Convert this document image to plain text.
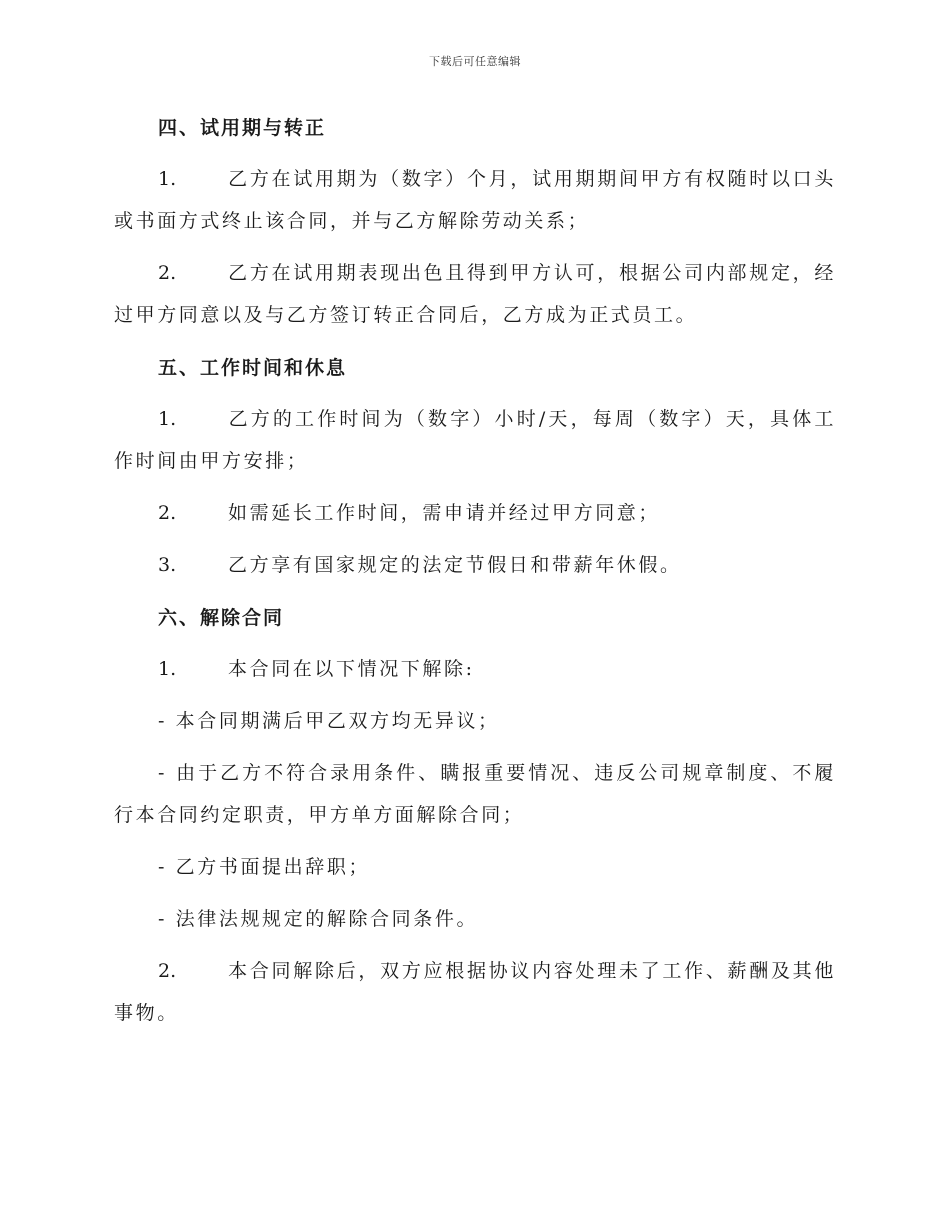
下载后可任意编辑
四、试用期与转正
1.	乙方在试用期为（数字）个月，试用期期间甲方有权随时以口头或书面方式终止该合同，并与乙方解除劳动关系；
2.	乙方在试用期表现出色且得到甲方认可，根据公司内部规定，经过甲方同意以及与乙方签订转正合同后，乙方成为正式员工。
五、工作时间和休息
1.	乙方的工作时间为（数字）小时/天，每周（数字）天，具体工作时间由甲方安排；
2.	如需延长工作时间，需申请并经过甲方同意；
3.	乙方享有国家规定的法定节假日和带薪年休假。
六、解除合同
1.	本合同在以下情况下解除:
- 本合同期满后甲乙双方均无异议；
- 由于乙方不符合录用条件、瞒报重要情况、违反公司规章制度、不履行本合同约定职责，甲方单方面解除合同；
- 乙方书面提出辞职；
- 法律法规规定的解除合同条件。
2.	本合同解除后，双方应根据协议内容处理未了工作、薪酬及其他事物。
